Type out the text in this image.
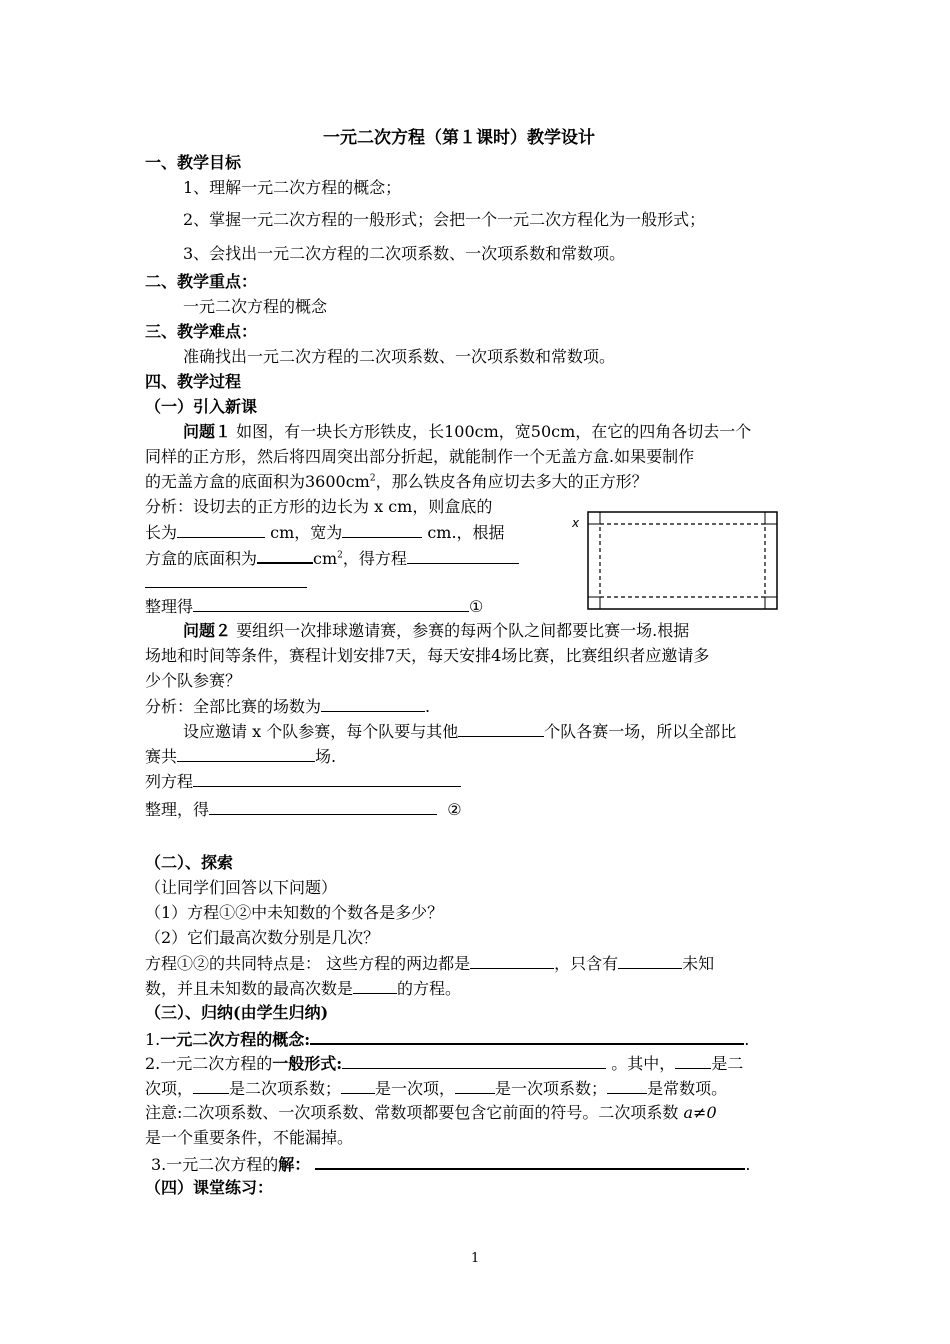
一元二次方程（第１课时）教学设计
一、教学目标
1、理解一元二次方程的概念；
2、掌握一元二次方程的一般形式；会把一个一元二次方程化为一般形式；
3、会找出一元二次方程的二次项系数、一次项系数和常数项。
二、教学重点：
一元二次方程的概念
三、教学难点：
准确找出一元二次方程的二次项系数、一次项系数和常数项。
四、教学过程
（一）引入新课
问题１ 如图，有一块长方形铁皮，长100cm，宽50cm，在它的四角各切去一个
同样的正方形，然后将四周突出部分折起，就能制作一个无盖方盒.如果要制作
的无盖方盒的底面积为$3600cm^2$，那么铁皮各角应切去多大的正方形？
分析：设切去的正方形的边长为 x cm，则盒底的
长为	cm，宽为	cm.，根据
方盒的底面积为	$cm^2$，得方程
整理得	①
x
问题２ 要组织一次排球邀请赛，参赛的每两个队之间都要比赛一场.根据
场地和时间等条件，赛程计划安排7天，每天安排4场比赛，比赛组织者应邀请多
少个队参赛？
分析：全部比赛的场数为	.
设应邀请 x 个队参赛，每个队要与其他	个队各赛一场，所以全部比
赛共	场.
列方程
整理，得	②
（二）、探索
（让同学们回答以下问题）
（1）方程①②中未知数的个数各是多少？
（2）它们最高次数分别是几次？
方程①②的共同特点是： 这些方程的两边都是	，只含有	未知
数，并且未知数的最高次数是	的方程。
（三）、归纳(由学生归纳)
1.一元二次方程的概念:	.
2.一元二次方程的一般形式:	。其中， 是二
次项， 是二次项系数； 是一次项，	是一次项系数；	是常数项。
注意:二次项系数、一次项系数、常数项都要包含它前面的符号。二次项系数 a≠0
是一个重要条件，不能漏掉。
3.一元二次方程的解：	.
（四）课堂练习：
1
